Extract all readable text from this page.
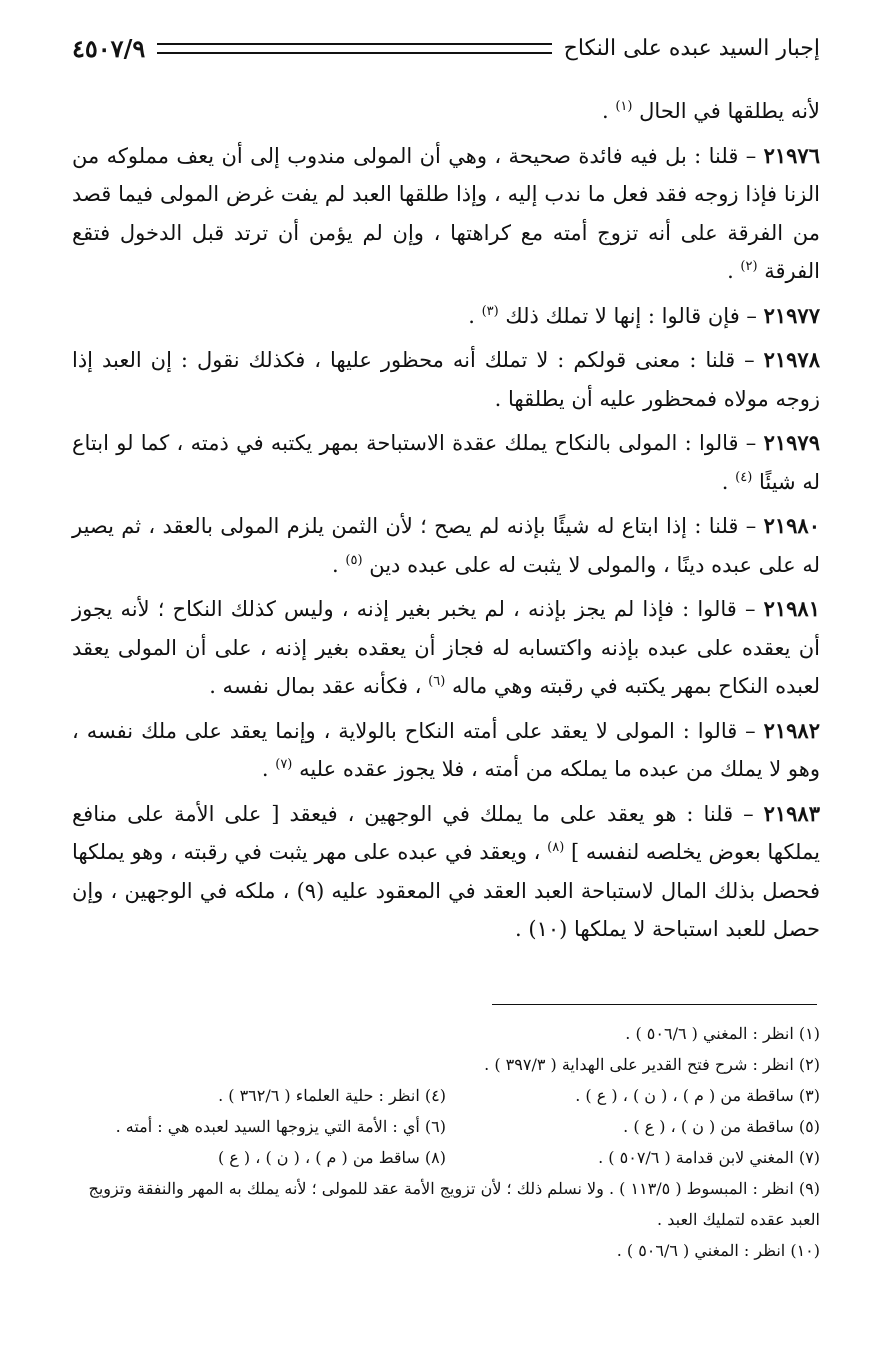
إجبار السيد عبده على النكاح
٤٥٠٧/٩

لأنه يطلقها في الحال $^{(١)}$ .

٢١٩٧٦ – قلنا : بل فيه فائدة صحيحة ، وهي أن المولى مندوب إلى أن يعف مملوكه من الزنا فإذا زوجه فقد فعل ما ندب إليه ، وإذا طلقها العبد لم يفت غرض المولى فيما قصد من الفرقة على أنه تزوج أمته مع كراهتها ، وإن لم يؤمن أن ترتد قبل الدخول فتقع الفرقة $^{(٢)}$ .

٢١٩٧٧ – فإن قالوا : إنها لا تملك ذلك $^{(٣)}$ .

٢١٩٧٨ – قلنا : معنى قولكم : لا تملك أنه محظور عليها ، فكذلك نقول : إن العبد إذا زوجه مولاه فمحظور عليه أن يطلقها .

٢١٩٧٩ – قالوا : المولى بالنكاح يملك عقدة الاستباحة بمهر يكتبه في ذمته ، كما لو ابتاع له شيئًا $^{(٤)}$ .

٢١٩٨٠ – قلنا : إذا ابتاع له شيئًا بإذنه لم يصح ؛ لأن الثمن يلزم المولى بالعقد ، ثم يصير له على عبده دينًا ، والمولى لا يثبت له على عبده دين $^{(٥)}$ .

٢١٩٨١ – قالوا : فإذا لم يجز بإذنه ، لم يخبر بغير إذنه ، وليس كذلك النكاح ؛ لأنه يجوز أن يعقده على عبده بإذنه واكتسابه له فجاز أن يعقده بغير إذنه ، على أن المولى يعقد لعبده النكاح بمهر يكتبه في رقبته وهي ماله $^{(٦)}$ ، فكأنه عقد بمال نفسه .

٢١٩٨٢ – قالوا : المولى لا يعقد على أمته النكاح بالولاية ، وإنما يعقد على ملك نفسه ، وهو لا يملك من عبده ما يملكه من أمته ، فلا يجوز عقده عليه $^{(٧)}$ .

٢١٩٨٣ – قلنا : هو يعقد على ما يملك في الوجهين ، فيعقد [ على الأمة على منافع يملكها بعوض يخلصه لنفسه ] $^{(٨)}$ ، ويعقد في عبده على مهر يثبت في رقبته ، وهو يملكها فحصل بذلك المال لاستباحة العبد العقد في المعقود عليه (٩) ، ملكه في الوجهين ، وإن حصل للعبد استباحة لا يملكها (١٠) .

(١) انظر : المغني ( ٥٠٦/٦ ) .
(٢) انظر : شرح فتح القدير على الهداية ( ٣٩٧/٣ ) .
(٣) ساقطة من ( م ) ، ( ن ) ، ( ع ) .
(٤) انظر : حلية العلماء ( ٣٦٢/٦ ) .
(٥) ساقطة من ( ن ) ، ( ع ) .
(٦) أي : الأمة التي يزوجها السيد لعبده هي : أمته .
(٧) المغني لابن قدامة ( ٥٠٧/٦ ) .
(٨) ساقط من ( م ) ، ( ن ) ، ( ع )
(٩) انظر : المبسوط ( ١١٣/٥ ) . ولا نسلم ذلك ؛ لأن تزويج الأمة عقد للمولى ؛ لأنه يملك به المهر والنفقة وتزويج العبد عقده لتمليك العبد .
(١٠) انظر : المغني ( ٥٠٦/٦ ) .
